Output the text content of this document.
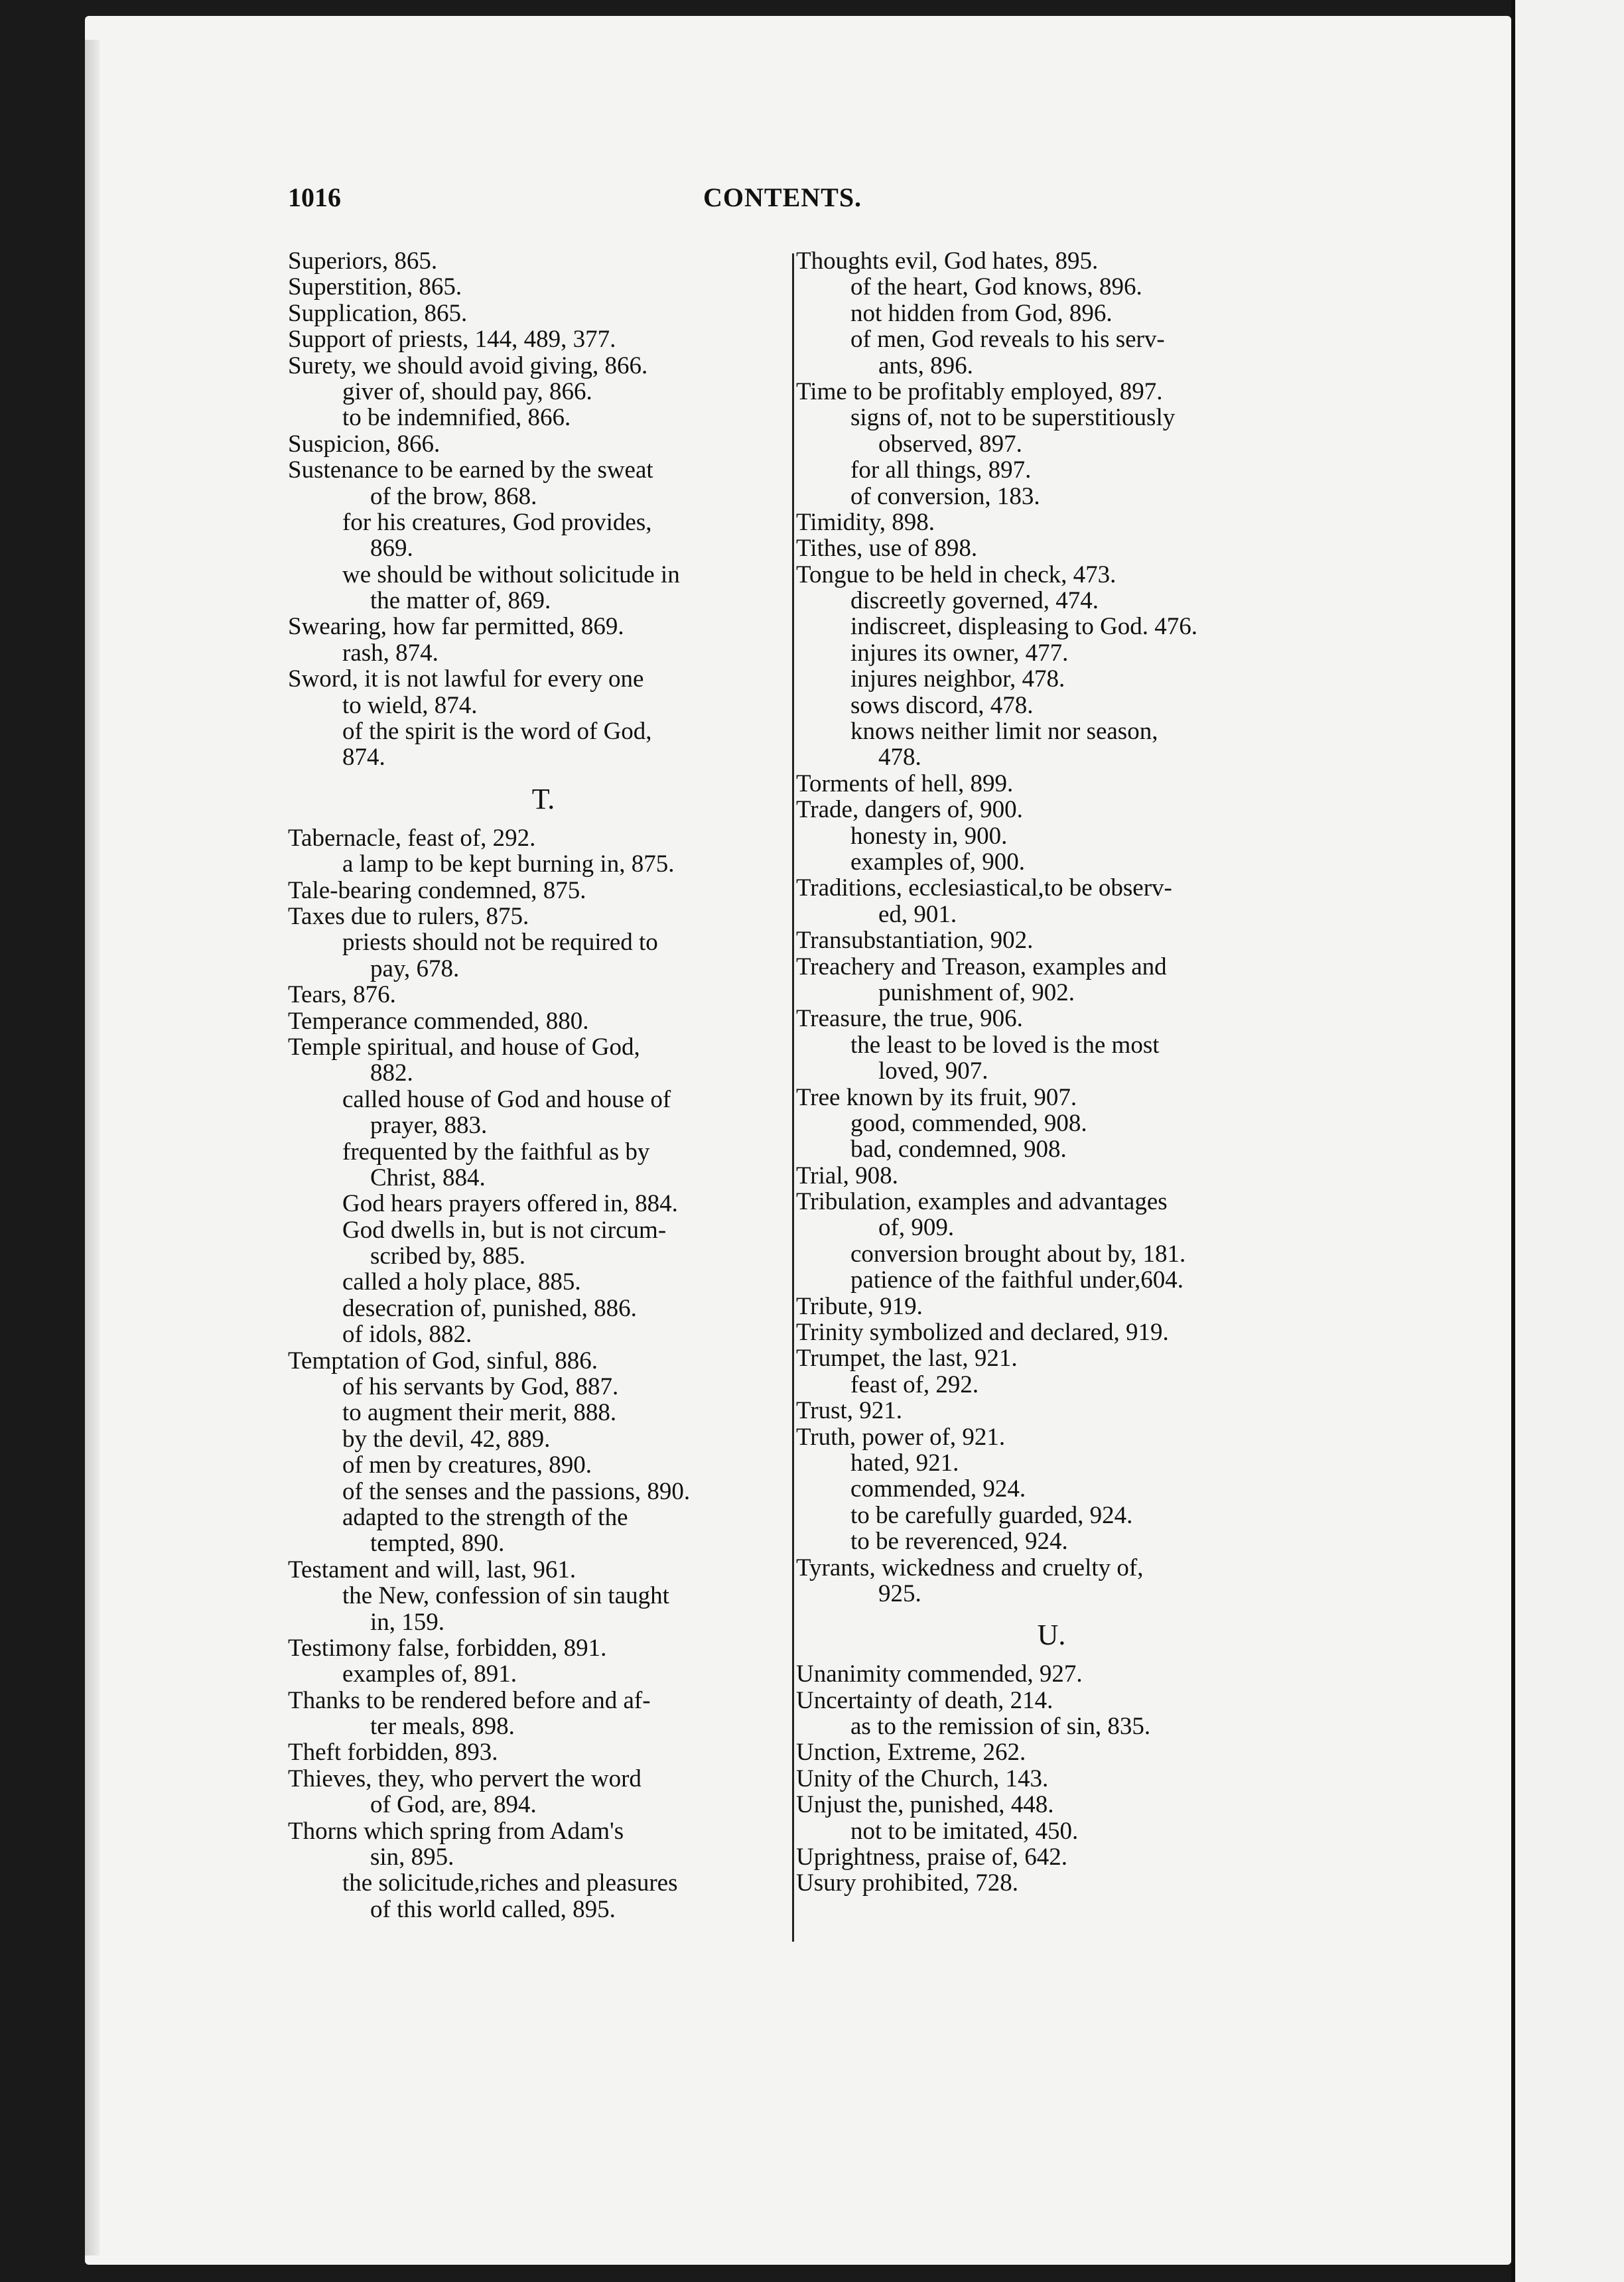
1016	CONTENTS.
Superiors, 865.
Superstition, 865.
Supplication, 865.
Support of priests, 144, 489, 377.
Surety, we should avoid giving, 866.
giver of, should pay, 866.
to be indemnified, 866.
Suspicion, 866.
Sustenance to be earned by the sweat
of the brow, 868.
for his creatures, God provides,
869.
we should be without solicitude in
the matter of, 869.
Swearing, how far permitted, 869.
rash, 874.
Sword, it is not lawful for every one
to wield, 874.
of the spirit is the word of God,
874.
T.
Tabernacle, feast of, 292.
a lamp to be kept burning in, 875.
Tale-bearing condemned, 875.
Taxes due to rulers, 875.
priests should not be required to
pay, 678.
Tears, 876.
Temperance commended, 880.
Temple spiritual, and house of God,
882.
called house of God and house of
prayer, 883.
frequented by the faithful as by
Christ, 884.
God hears prayers offered in, 884.
God dwells in, but is not circum-
scribed by, 885.
called a holy place, 885.
desecration of, punished, 886.
of idols, 882.
Temptation of God, sinful, 886.
of his servants by God, 887.
to augment their merit, 888.
by the devil, 42, 889.
of men by creatures, 890.
of the senses and the passions, 890.
adapted to the strength of the
tempted, 890.
Testament and will, last, 961.
the New, confession of sin taught
in, 159.
Testimony false, forbidden, 891.
examples of, 891.
Thanks to be rendered before and af-
ter meals, 898.
Theft forbidden, 893.
Thieves, they, who pervert the word
of God, are, 894.
Thorns which spring from Adam's
sin, 895.
the solicitude,riches and pleasures
of this world called, 895.
Thoughts evil, God hates, 895.
of the heart, God knows, 896.
not hidden from God, 896.
of men, God reveals to his serv-
ants, 896.
Time to be profitably employed, 897.
signs of, not to be superstitiously
observed, 897.
for all things, 897.
of conversion, 183.
Timidity, 898.
Tithes, use of 898.
Tongue to be held in check, 473.
discreetly governed, 474.
indiscreet, displeasing to God. 476.
injures its owner, 477.
injures neighbor, 478.
sows discord, 478.
knows neither limit nor season,
478.
Torments of hell, 899.
Trade, dangers of, 900.
honesty in, 900.
examples of, 900.
Traditions, ecclesiastical,to be observ-
ed, 901.
Transubstantiation, 902.
Treachery and Treason, examples and
punishment of, 902.
Treasure, the true, 906.
the least to be loved is the most
loved, 907.
Tree known by its fruit, 907.
good, commended, 908.
bad, condemned, 908.
Trial, 908.
Tribulation, examples and advantages
of, 909.
conversion brought about by, 181.
patience of the faithful under,604.
Tribute, 919.
Trinity symbolized and declared, 919.
Trumpet, the last, 921.
feast of, 292.
Trust, 921.
Truth, power of, 921.
hated, 921.
commended, 924.
to be carefully guarded, 924.
to be reverenced, 924.
Tyrants, wickedness and cruelty of,
925.
U.
Unanimity commended, 927.
Uncertainty of death, 214.
as to the remission of sin, 835.
Unction, Extreme, 262.
Unity of the Church, 143.
Unjust the, punished, 448.
not to be imitated, 450.
Uprightness, praise of, 642.
Usury prohibited, 728.
